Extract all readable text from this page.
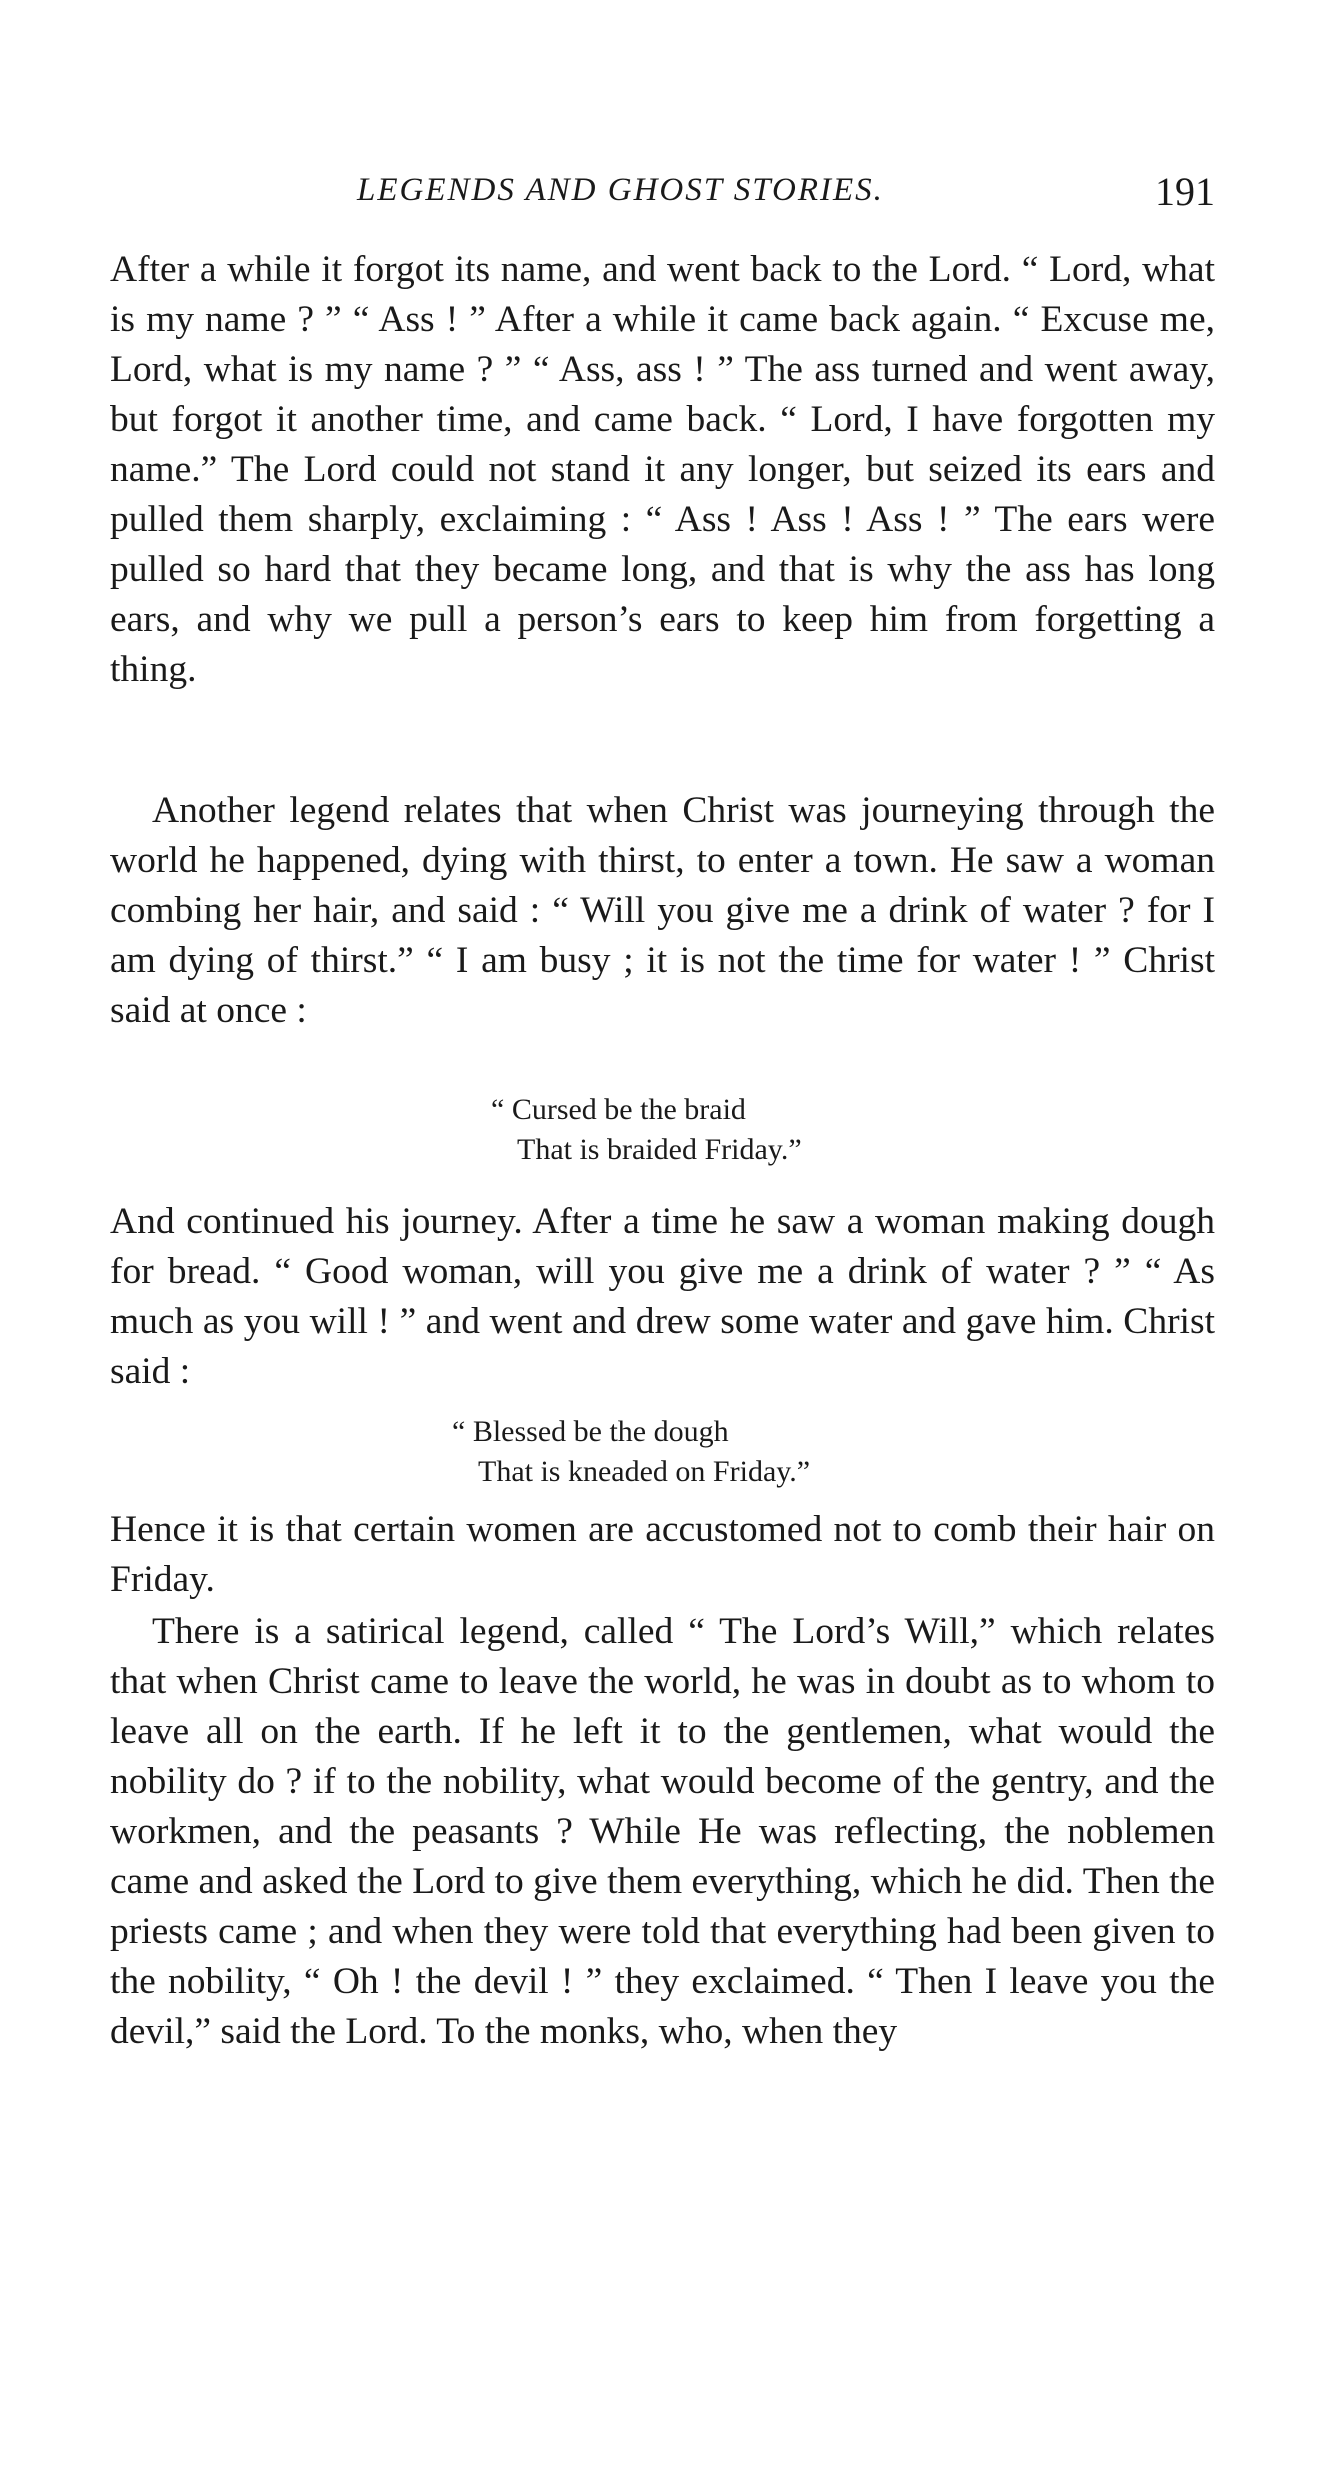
LEGENDS AND GHOST STORIES.	191

After a while it forgot its name, and went back to the Lord. “ Lord, what is my name ? ” “ Ass ! ” After a while it came back again. “ Excuse me, Lord, what is my name ? ” “ Ass, ass ! ” The ass turned and went away, but forgot it another time, and came back. “ Lord, I have forgotten my name.” The Lord could not stand it any longer, but seized its ears and pulled them sharply, exclaiming : “ Ass ! Ass ! Ass ! ” The ears were pulled so hard that they became long, and that is why the ass has long ears, and why we pull a person’s ears to keep him from forgetting a thing.

Another legend relates that when Christ was journeying through the world he happened, dying with thirst, to enter a town. He saw a woman combing her hair, and said : “ Will you give me a drink of water ? for I am dying of thirst.” “ I am busy ; it is not the time for water ! ” Christ said at once :

“ Cursed be the braid
That is braided Friday.”

And continued his journey. After a time he saw a woman making dough for bread. “ Good woman, will you give me a drink of water ? ” “ As much as you will ! ” and went and drew some water and gave him. Christ said :

“ Blessed be the dough
That is kneaded on Friday.”

Hence it is that certain women are accustomed not to comb their hair on Friday.

There is a satirical legend, called “ The Lord’s Will,” which relates that when Christ came to leave the world, he was in doubt as to whom to leave all on the earth. If he left it to the gentlemen, what would the nobility do ? if to the nobility, what would become of the gentry, and the workmen, and the peasants ? While He was reflecting, the noblemen came and asked the Lord to give them everything, which he did. Then the priests came ; and when they were told that everything had been given to the nobility, “ Oh ! the devil ! ” they exclaimed. “ Then I leave you the devil,” said the Lord. To the monks, who, when they
